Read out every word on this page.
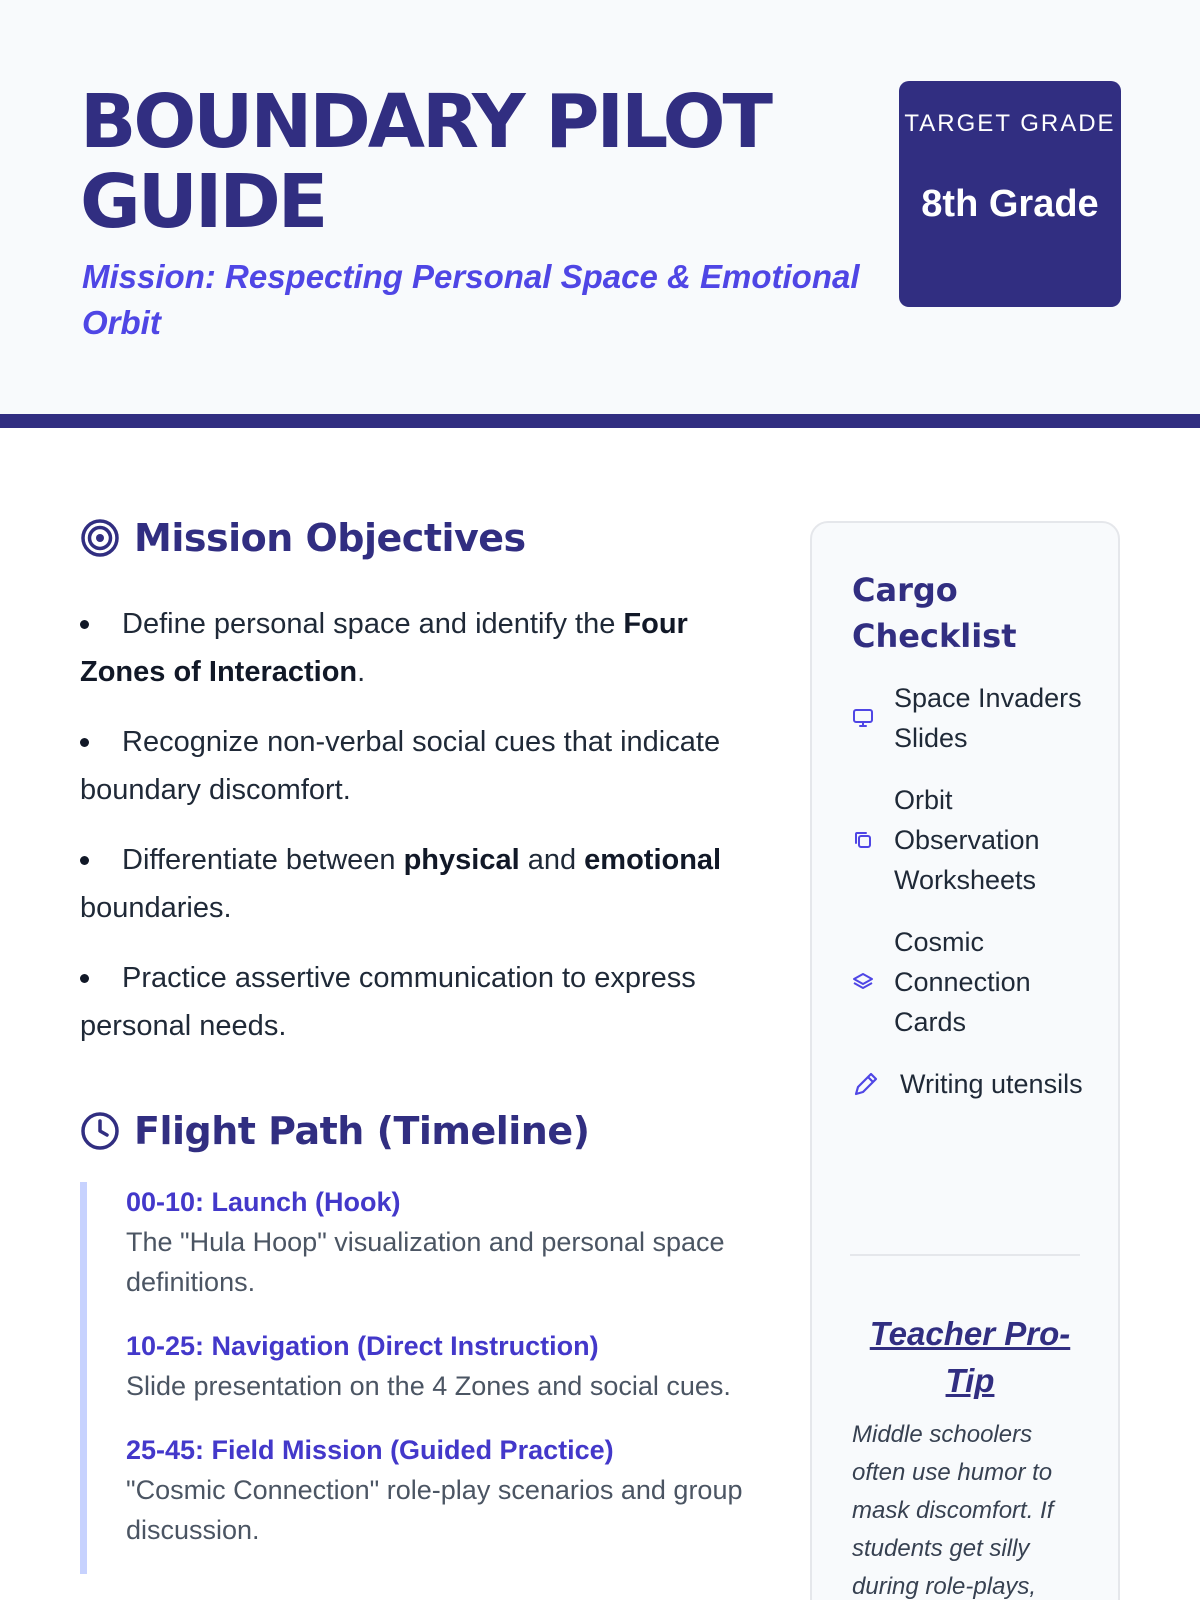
BOUNDARY PILOT GUIDE
Mission: Respecting Personal Space & Emotional Orbit
TARGET GRADE
8th Grade
Mission Objectives
Define personal space and identify the Four Zones of Interaction.
Recognize non-verbal social cues that indicate boundary discomfort.
Differentiate between physical and emotional boundaries.
Practice assertive communication to express personal needs.
Flight Path (Timeline)
00-10: Launch (Hook)
The "Hula Hoop" visualization and personal space definitions.
10-25: Navigation (Direct Instruction)
Slide presentation on the 4 Zones and social cues.
25-45: Field Mission (Guided Practice)
"Cosmic Connection" role-play scenarios and group discussion.
Cargo Checklist
Space Invaders Slides
Orbit Observation Worksheets
Cosmic Connection Cards
Writing utensils
Teacher Pro-Tip
Middle schoolers often use humor to mask discomfort. If students get silly during role-plays,
